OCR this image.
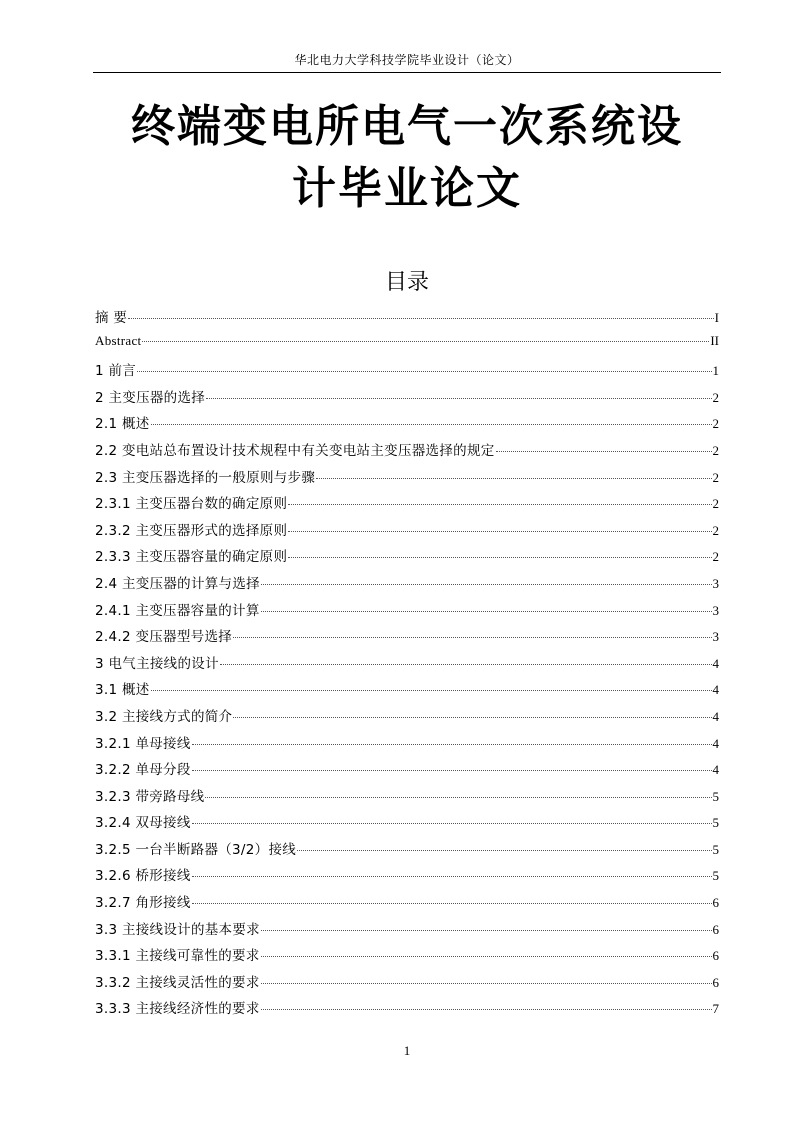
华北电力大学科技学院毕业设计（论文）
终端变电所电气一次系统设
计毕业论文
目录
摘 要	I
Abstract	II
1 前言	1
2 主变压器的选择	2
2.1 概述	2
2.2 变电站总布置设计技术规程中有关变电站主变压器选择的规定	2
2.3 主变压器选择的一般原则与步骤	2
2.3.1 主变压器台数的确定原则	2
2.3.2 主变压器形式的选择原则	2
2.3.3 主变压器容量的确定原则	2
2.4 主变压器的计算与选择	3
2.4.1 主变压器容量的计算	3
2.4.2 变压器型号选择	3
3 电气主接线的设计	4
3.1 概述	4
3.2 主接线方式的简介	4
3.2.1 单母接线	4
3.2.2 单母分段	4
3.2.3 带旁路母线	5
3.2.4 双母接线	5
3.2.5 一台半断路器（3/2）接线	5
3.2.6 桥形接线	5
3.2.7 角形接线	6
3.3 主接线设计的基本要求	6
3.3.1 主接线可靠性的要求	6
3.3.2 主接线灵活性的要求	6
3.3.3 主接线经济性的要求	7
1
